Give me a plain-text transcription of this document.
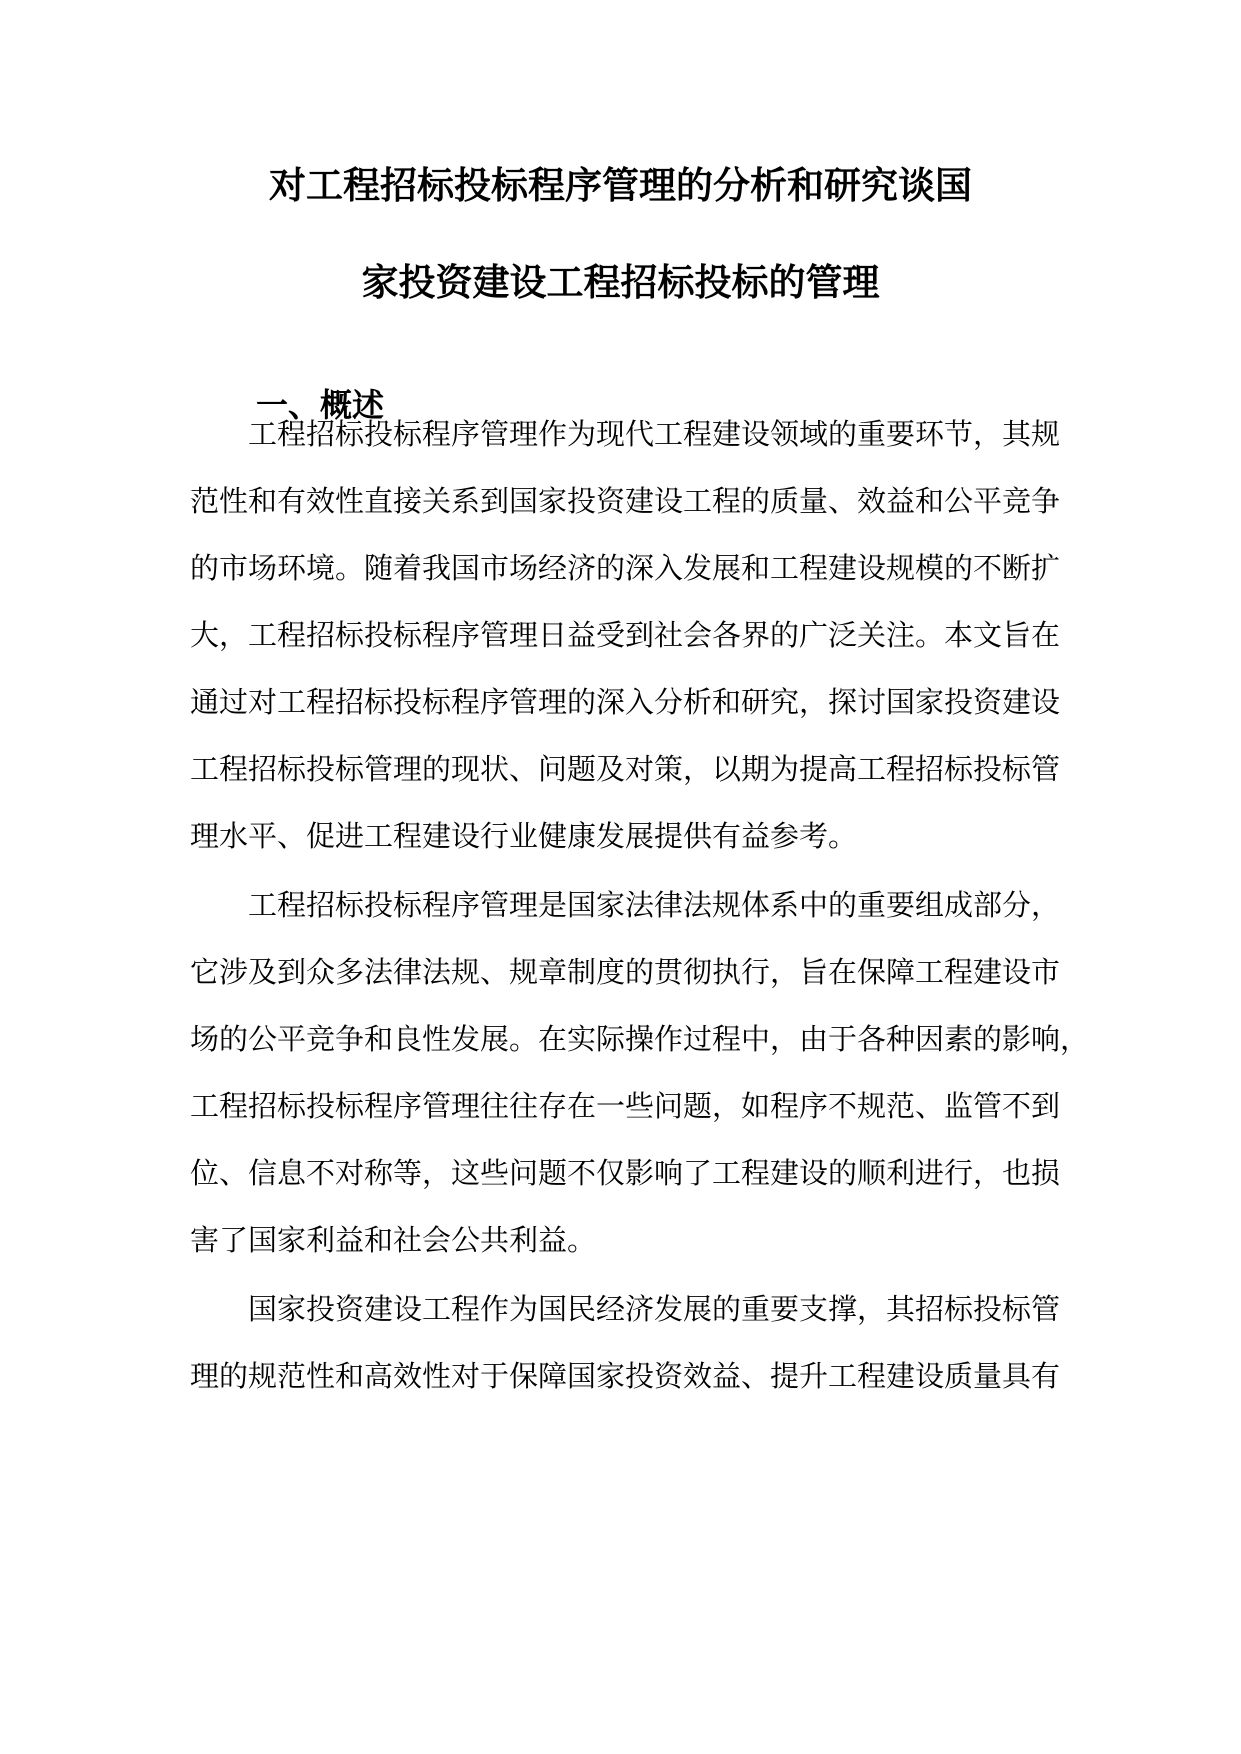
对工程招标投标程序管理的分析和研究谈国
家投资建设工程招标投标的管理
一、概述
工程招标投标程序管理作为现代工程建设领域的重要环节，其规
范性和有效性直接关系到国家投资建设工程的质量、效益和公平竞争
的市场环境。随着我国市场经济的深入发展和工程建设规模的不断扩
大，工程招标投标程序管理日益受到社会各界的广泛关注。本文旨在
通过对工程招标投标程序管理的深入分析和研究，探讨国家投资建设
工程招标投标管理的现状、问题及对策，以期为提高工程招标投标管
理水平、促进工程建设行业健康发展提供有益参考。
工程招标投标程序管理是国家法律法规体系中的重要组成部分，
它涉及到众多法律法规、规章制度的贯彻执行，旨在保障工程建设市
场的公平竞争和良性发展。在实际操作过程中，由于各种因素的影响，
工程招标投标程序管理往往存在一些问题，如程序不规范、监管不到
位、信息不对称等，这些问题不仅影响了工程建设的顺利进行，也损
害了国家利益和社会公共利益。
国家投资建设工程作为国民经济发展的重要支撑，其招标投标管
理的规范性和高效性对于保障国家投资效益、提升工程建设质量具有
